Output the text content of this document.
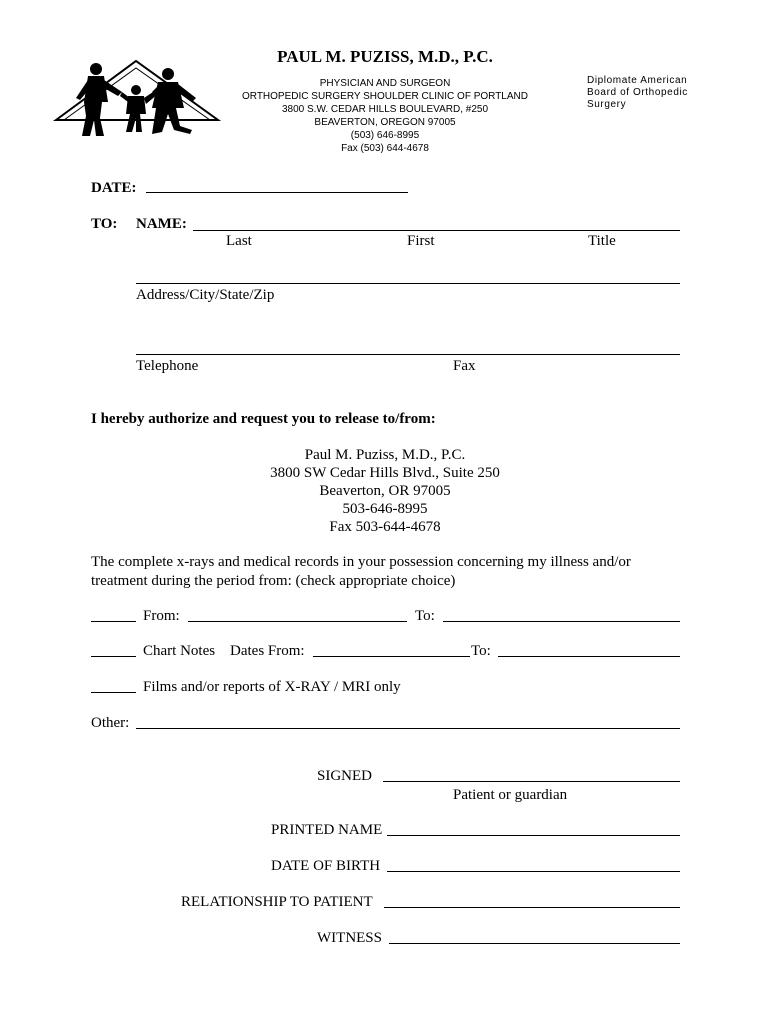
PAUL M. PUZISS, M.D., P.C.
PHYSICIAN AND SURGEON
ORTHOPEDIC SURGERY SHOULDER CLINIC OF PORTLAND
3800 S.W. CEDAR HILLS BOULEVARD, #250
BEAVERTON, OREGON 97005
(503) 646-8995
Fax (503) 644-4678
Diplomate American
Board of Orthopedic
Surgery
DATE:
TO: NAME:
Last	First	Title
Address/City/State/Zip
Telephone	Fax
I hereby authorize and request you to release to/from:
Paul M. Puziss, M.D., P.C.
3800 SW Cedar Hills Blvd., Suite 250
Beaverton, OR 97005
503-646-8995
Fax 503-644-4678
The complete x-rays and medical records in your possession concerning my illness and/or
treatment during the period from: (check appropriate choice)
From:	To:
Chart Notes Dates From:	To:
Films and/or reports of X-RAY / MRI only
Other:
SIGNED
Patient or guardian
PRINTED NAME
DATE OF BIRTH
RELATIONSHIP TO PATIENT
WITNESS
